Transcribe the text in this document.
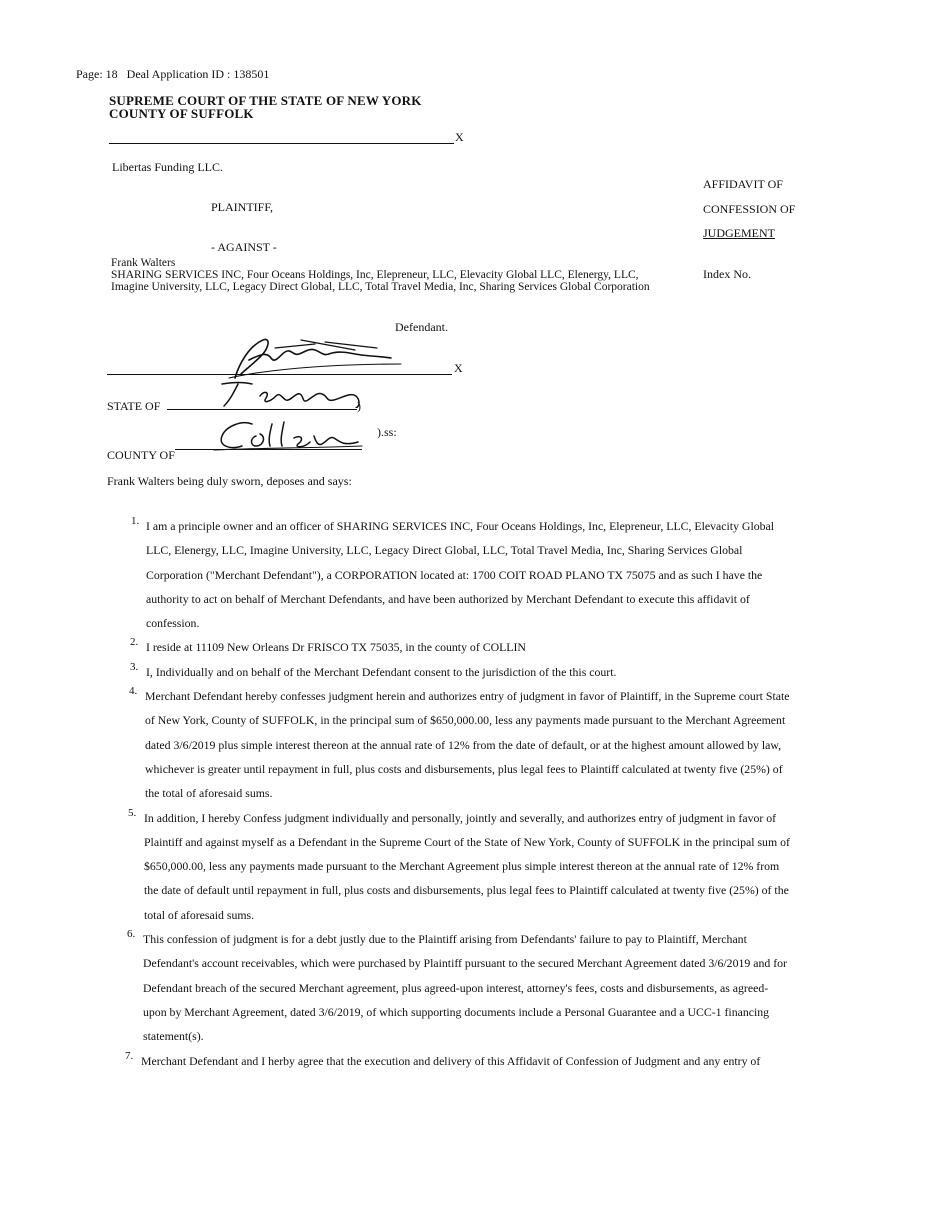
Page: 18 Deal Application ID : 138501
SUPREME COURT OF THE STATE OF NEW YORK
COUNTY OF SUFFOLK
X
Libertas Funding LLC.
PLAINTIFF,
- AGAINST -
Frank Walters
SHARING SERVICES INC, Four Oceans Holdings, Inc, Elepreneur, LLC, Elevacity Global LLC, Elenergy, LLC,
Imagine University, LLC, Legacy Direct Global, LLC, Total Travel Media, Inc, Sharing Services Global Corporation
Defendant.
AFFIDAVIT OF
CONFESSION OF
JUDGEMENT
Index No.
X
STATE OF	)
).ss:
COUNTY OF
Frank Walters being duly sworn, deposes and says:
1. I am a principle owner and an officer of SHARING SERVICES INC, Four Oceans Holdings, Inc, Elepreneur, LLC, Elevacity Global
LLC, Elenergy, LLC, Imagine University, LLC, Legacy Direct Global, LLC, Total Travel Media, Inc, Sharing Services Global
Corporation ("Merchant Defendant"), a CORPORATION located at: 1700 COIT ROAD PLANO TX 75075 and as such I have the
authority to act on behalf of Merchant Defendants, and have been authorized by Merchant Defendant to execute this affidavit of
confession.
2. I reside at 11109 New Orleans Dr FRISCO TX 75035, in the county of COLLIN
3. I, Individually and on behalf of the Merchant Defendant consent to the jurisdiction of the this court.
4. Merchant Defendant hereby confesses judgment herein and authorizes entry of judgment in favor of Plaintiff, in the Supreme court State
of New York, County of SUFFOLK, in the principal sum of $650,000.00, less any payments made pursuant to the Merchant Agreement
dated 3/6/2019 plus simple interest thereon at the annual rate of 12% from the date of default, or at the highest amount allowed by law,
whichever is greater until repayment in full, plus costs and disbursements, plus legal fees to Plaintiff calculated at twenty five (25%) of
the total of aforesaid sums.
5. In addition, I hereby Confess judgment individually and personally, jointly and severally, and authorizes entry of judgment in favor of
Plaintiff and against myself as a Defendant in the Supreme Court of the State of New York, County of SUFFOLK in the principal sum of
$650,000.00, less any payments made pursuant to the Merchant Agreement plus simple interest thereon at the annual rate of 12% from
the date of default until repayment in full, plus costs and disbursements, plus legal fees to Plaintiff calculated at twenty five (25%) of the
total of aforesaid sums.
6. This confession of judgment is for a debt justly due to the Plaintiff arising from Defendants' failure to pay to Plaintiff, Merchant
Defendant's account receivables, which were purchased by Plaintiff pursuant to the secured Merchant Agreement dated 3/6/2019 and for
Defendant breach of the secured Merchant agreement, plus agreed-upon interest, attorney's fees, costs and disbursements, as agreed-
upon by Merchant Agreement, dated 3/6/2019, of which supporting documents include a Personal Guarantee and a UCC-1 financing
statement(s).
7. Merchant Defendant and I herby agree that the execution and delivery of this Affidavit of Confession of Judgment and any entry of
